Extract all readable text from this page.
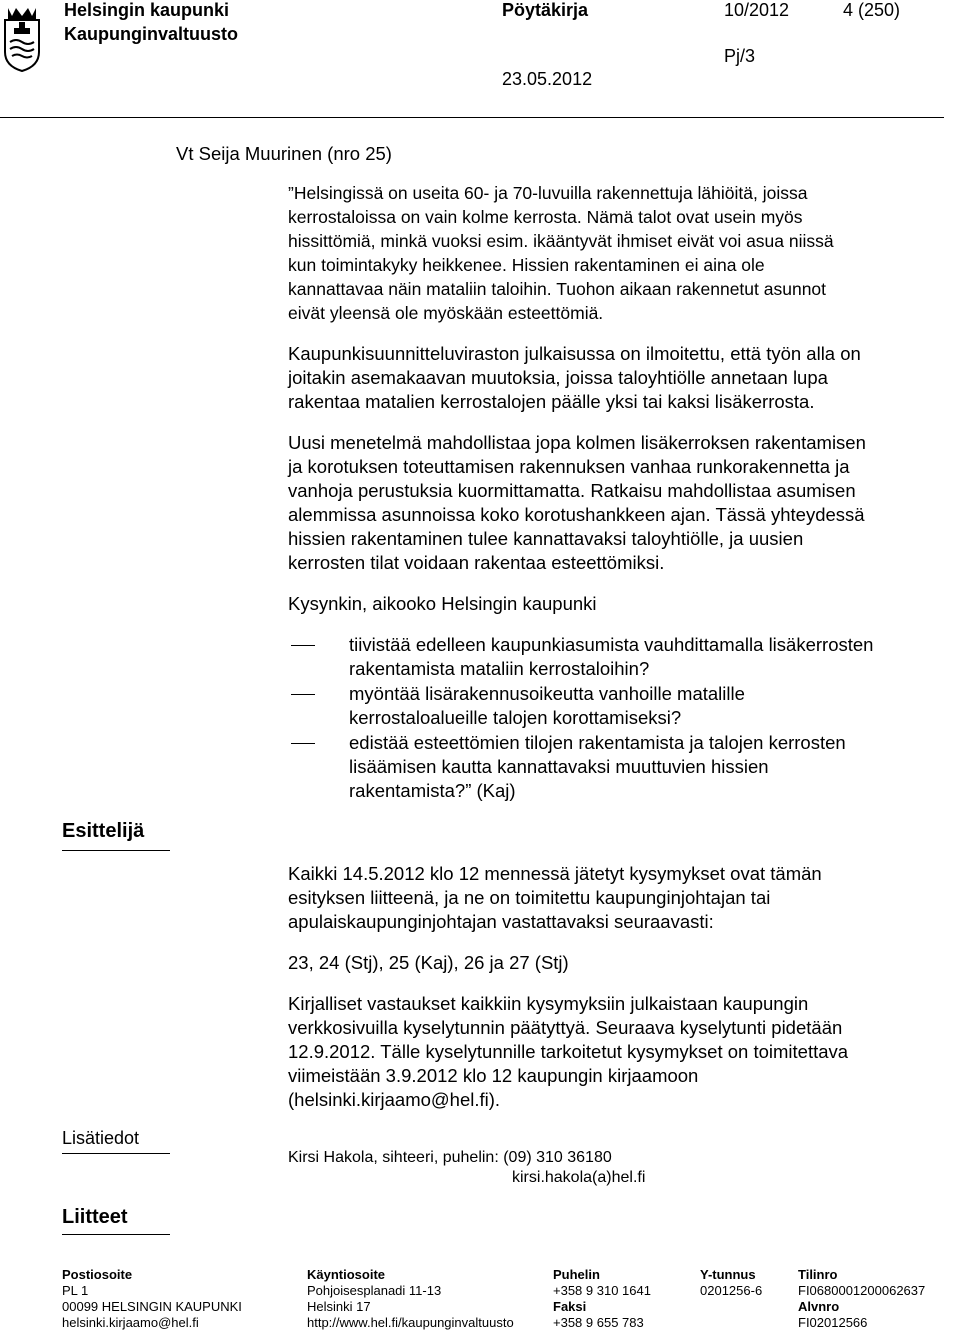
Helsingin kaupunki
Kaupunginvaltuusto
Pöytäkirja	10/2012	4 (250)
Pj/3
23.05.2012
Vt Seija Muurinen (nro 25)
”Helsingissä on useita 60- ja 70-luvuilla rakennettuja lähiöitä, joissa
kerrostaloissa on vain kolme kerrosta. Nämä talot ovat usein myös
hissittömiä, minkä vuoksi esim. ikääntyvät ihmiset eivät voi asua niissä
kun toimintakyky heikkenee. Hissien rakentaminen ei aina ole
kannattavaa näin mataliin taloihin. Tuohon aikaan rakennetut asunnot
eivät yleensä ole myöskään esteettömiä.
Kaupunkisuunnitteluviraston julkaisussa on ilmoitettu, että työn alla on
joitakin asemakaavan muutoksia, joissa taloyhtiölle annetaan lupa
rakentaa matalien kerrostalojen päälle yksi tai kaksi lisäkerrosta.
Uusi menetelmä mahdollistaa jopa kolmen lisäkerroksen rakentamisen
ja korotuksen toteuttamisen rakennuksen vanhaa runkorakennetta ja
vanhoja perustuksia kuormittamatta. Ratkaisu mahdollistaa asumisen
alemmissa asunnoissa koko korotushankkeen ajan. Tässä yhteydessä
hissien rakentaminen tulee kannattavaksi taloyhtiölle, ja uusien
kerrosten tilat voidaan rakentaa esteettömiksi.
Kysynkin, aikooko Helsingin kaupunki
tiivistää edelleen kaupunkiasumista vauhdittamalla lisäkerrosten
rakentamista mataliin kerrostaloihin?
myöntää lisärakennusoikeutta vanhoille matalille
kerrostaloalueille talojen korottamiseksi?
edistää esteettömien tilojen rakentamista ja talojen kerrosten
lisäämisen kautta kannattavaksi muuttuvien hissien
rakentamista?” (Kaj)
Esittelijä
Kaikki 14.5.2012 klo 12 mennessä jätetyt kysymykset ovat tämän
esityksen liitteenä, ja ne on toimitettu kaupunginjohtajan tai
apulaiskaupunginjohtajan vastattavaksi seuraavasti:
23, 24 (Stj), 25 (Kaj), 26 ja 27 (Stj)
Kirjalliset vastaukset kaikkiin kysymyksiin julkaistaan kaupungin
verkkosivuilla kyselytunnin päätyttyä. Seuraava kyselytunti pidetään
12.9.2012. Tälle kyselytunnille tarkoitetut kysymykset on toimitettava
viimeistään 3.9.2012 klo 12 kaupungin kirjaamoon
(helsinki.kirjaamo@hel.fi).
Lisätiedot
Kirsi Hakola, sihteeri, puhelin: (09) 310 36180
kirsi.hakola(a)hel.fi
Liitteet
Postiosoite
PL 1
00099 HELSINGIN KAUPUNKI
helsinki.kirjaamo@hel.fi
Käyntiosoite
Pohjoisesplanadi 11-13
Helsinki 17
http://www.hel.fi/kaupunginvaltuusto
Puhelin
+358 9 310 1641
Faksi
+358 9 655 783
Y-tunnus
0201256-6
Tilinro
FI0680001200062637
Alvnro
FI02012566
